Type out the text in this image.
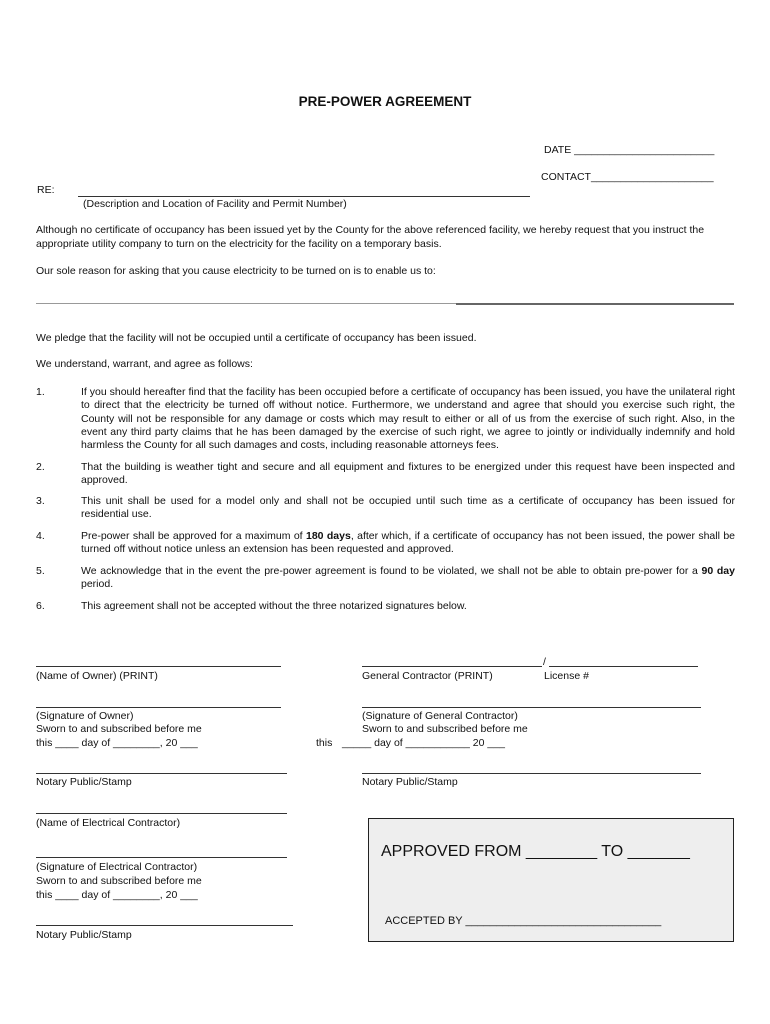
PRE-POWER AGREEMENT
DATE ________________________
CONTACT_____________________
RE:
(Description and Location of Facility and Permit Number)
Although no certificate of occupancy has been issued yet by the County for the above referenced facility, we hereby request that you instruct the appropriate utility company to turn on the electricity for the facility on a temporary basis.
Our sole reason for asking that you cause electricity to be turned on is to enable us to:
We pledge that the facility will not be occupied until a certificate of occupancy has been issued.
We understand, warrant, and agree as follows:
1.	If you should hereafter find that the facility has been occupied before a certificate of occupancy has been issued, you have the unilateral right to direct that the electricity be turned off without notice. Furthermore, we understand and agree that should you exercise such right, the County will not be responsible for any damage or costs which may result to either or all of us from the exercise of such right. Also, in the event any third party claims that he has been damaged by the exercise of such right, we agree to jointly or individually indemnify and hold harmless the County for all such damages and costs, including reasonable attorneys fees.
2.	That the building is weather tight and secure and all equipment and fixtures to be energized under this request have been inspected and approved.
3.	This unit shall be used for a model only and shall not be occupied until such time as a certificate of occupancy has been issued for residential use.
4.	Pre-power shall be approved for a maximum of 180 days, after which, if a certificate of occupancy has not been issued, the power shall be turned off without notice unless an extension has been requested and approved.
5.	We acknowledge that in the event the pre-power agreement is found to be violated, we shall not be able to obtain pre-power for a 90 day period.
6.	This agreement shall not be accepted without the three notarized signatures below.
(Name of Owner) (PRINT)
/
General Contractor (PRINT)	License #
(Signature of Owner)
Sworn to and subscribed before me
this ____ day of ________, 20 ___
(Signature of General Contractor)
Sworn to and subscribed before me
this _____ day of ___________ 20 ___
Notary Public/Stamp	Notary Public/Stamp
(Name of Electrical Contractor)
(Signature of Electrical Contractor)
Sworn to and subscribed before me
this ____ day of ________, 20 ___
Notary Public/Stamp
APPROVED FROM ________ TO _______
ACCEPTED BY ________________________________
